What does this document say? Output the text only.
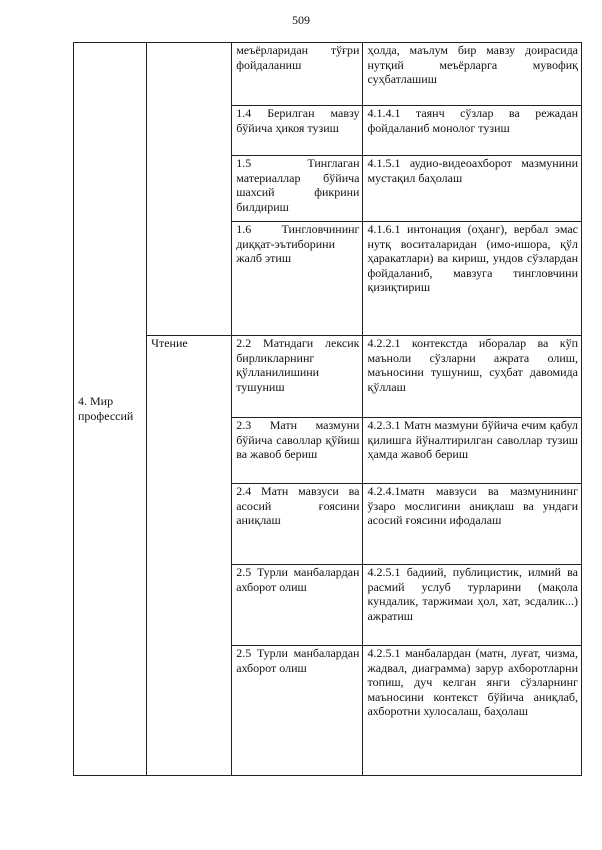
509
4. Мир
профессий		меъёрларидан тўғри фойдаланиш	ҳолда, маълум бир мавзу доирасида нутқий меъёрларга мувофиқ суҳбатлашиш
		1.4 Берилган мавзу бўйича ҳикоя тузиш	4.1.4.1 таянч сўзлар ва режадан фойдаланиб монолог тузиш
		1.5 Тинглаган материаллар бўйича шахсий фикрини билдириш	4.1.5.1 аудио-видеоахборот мазмунини мустақил баҳолаш
		1.6 Тингловчининг диққат-эътиборини жалб этиш	4.1.6.1 интонация (оҳанг), вербал эмас нутқ воситаларидан (имо-ишора, қўл ҳаракатлари) ва кириш, ундов сўзлардан фойдаланиб, мавзуга тингловчини қизиқтириш
	Чтение	2.2 Матндаги лексик бирликларнинг қўлланилишини тушуниш	4.2.2.1 контекстда иборалар ва кўп маъноли сўзларни ажрата олиш, маъносини тушуниш, суҳбат давомида қўллаш
		2.3 Матн мазмуни бўйича саволлар қўйиш ва жавоб бериш	4.2.3.1 Матн мазмуни бўйича ечим қабул қилишга йўналтирилган саволлар тузиш ҳамда жавоб бериш
		2.4 Матн мавзуси ва асосий ғоясини аниқлаш	4.2.4.1матн мавзуси ва мазмунининг ўзаро мослигини аниқлаш ва ундаги асосий ғоясини ифодалаш
		2.5 Турли манбалардан ахборот олиш	4.2.5.1 бадиий, публицистик, илмий ва расмий услуб турларини (мақола кундалик, таржимаи ҳол, хат, эсдалик...) ажратиш
		2.5 Турли манбалардан ахборот олиш	4.2.5.1 манбалардан (матн, луғат, чизма, жадвал, диаграмма) зарур ахборотларни топиш, дуч келган янги сўзларнинг маъносини контекст бўйича аниқлаб, ахборотни хулосалаш, баҳолаш
